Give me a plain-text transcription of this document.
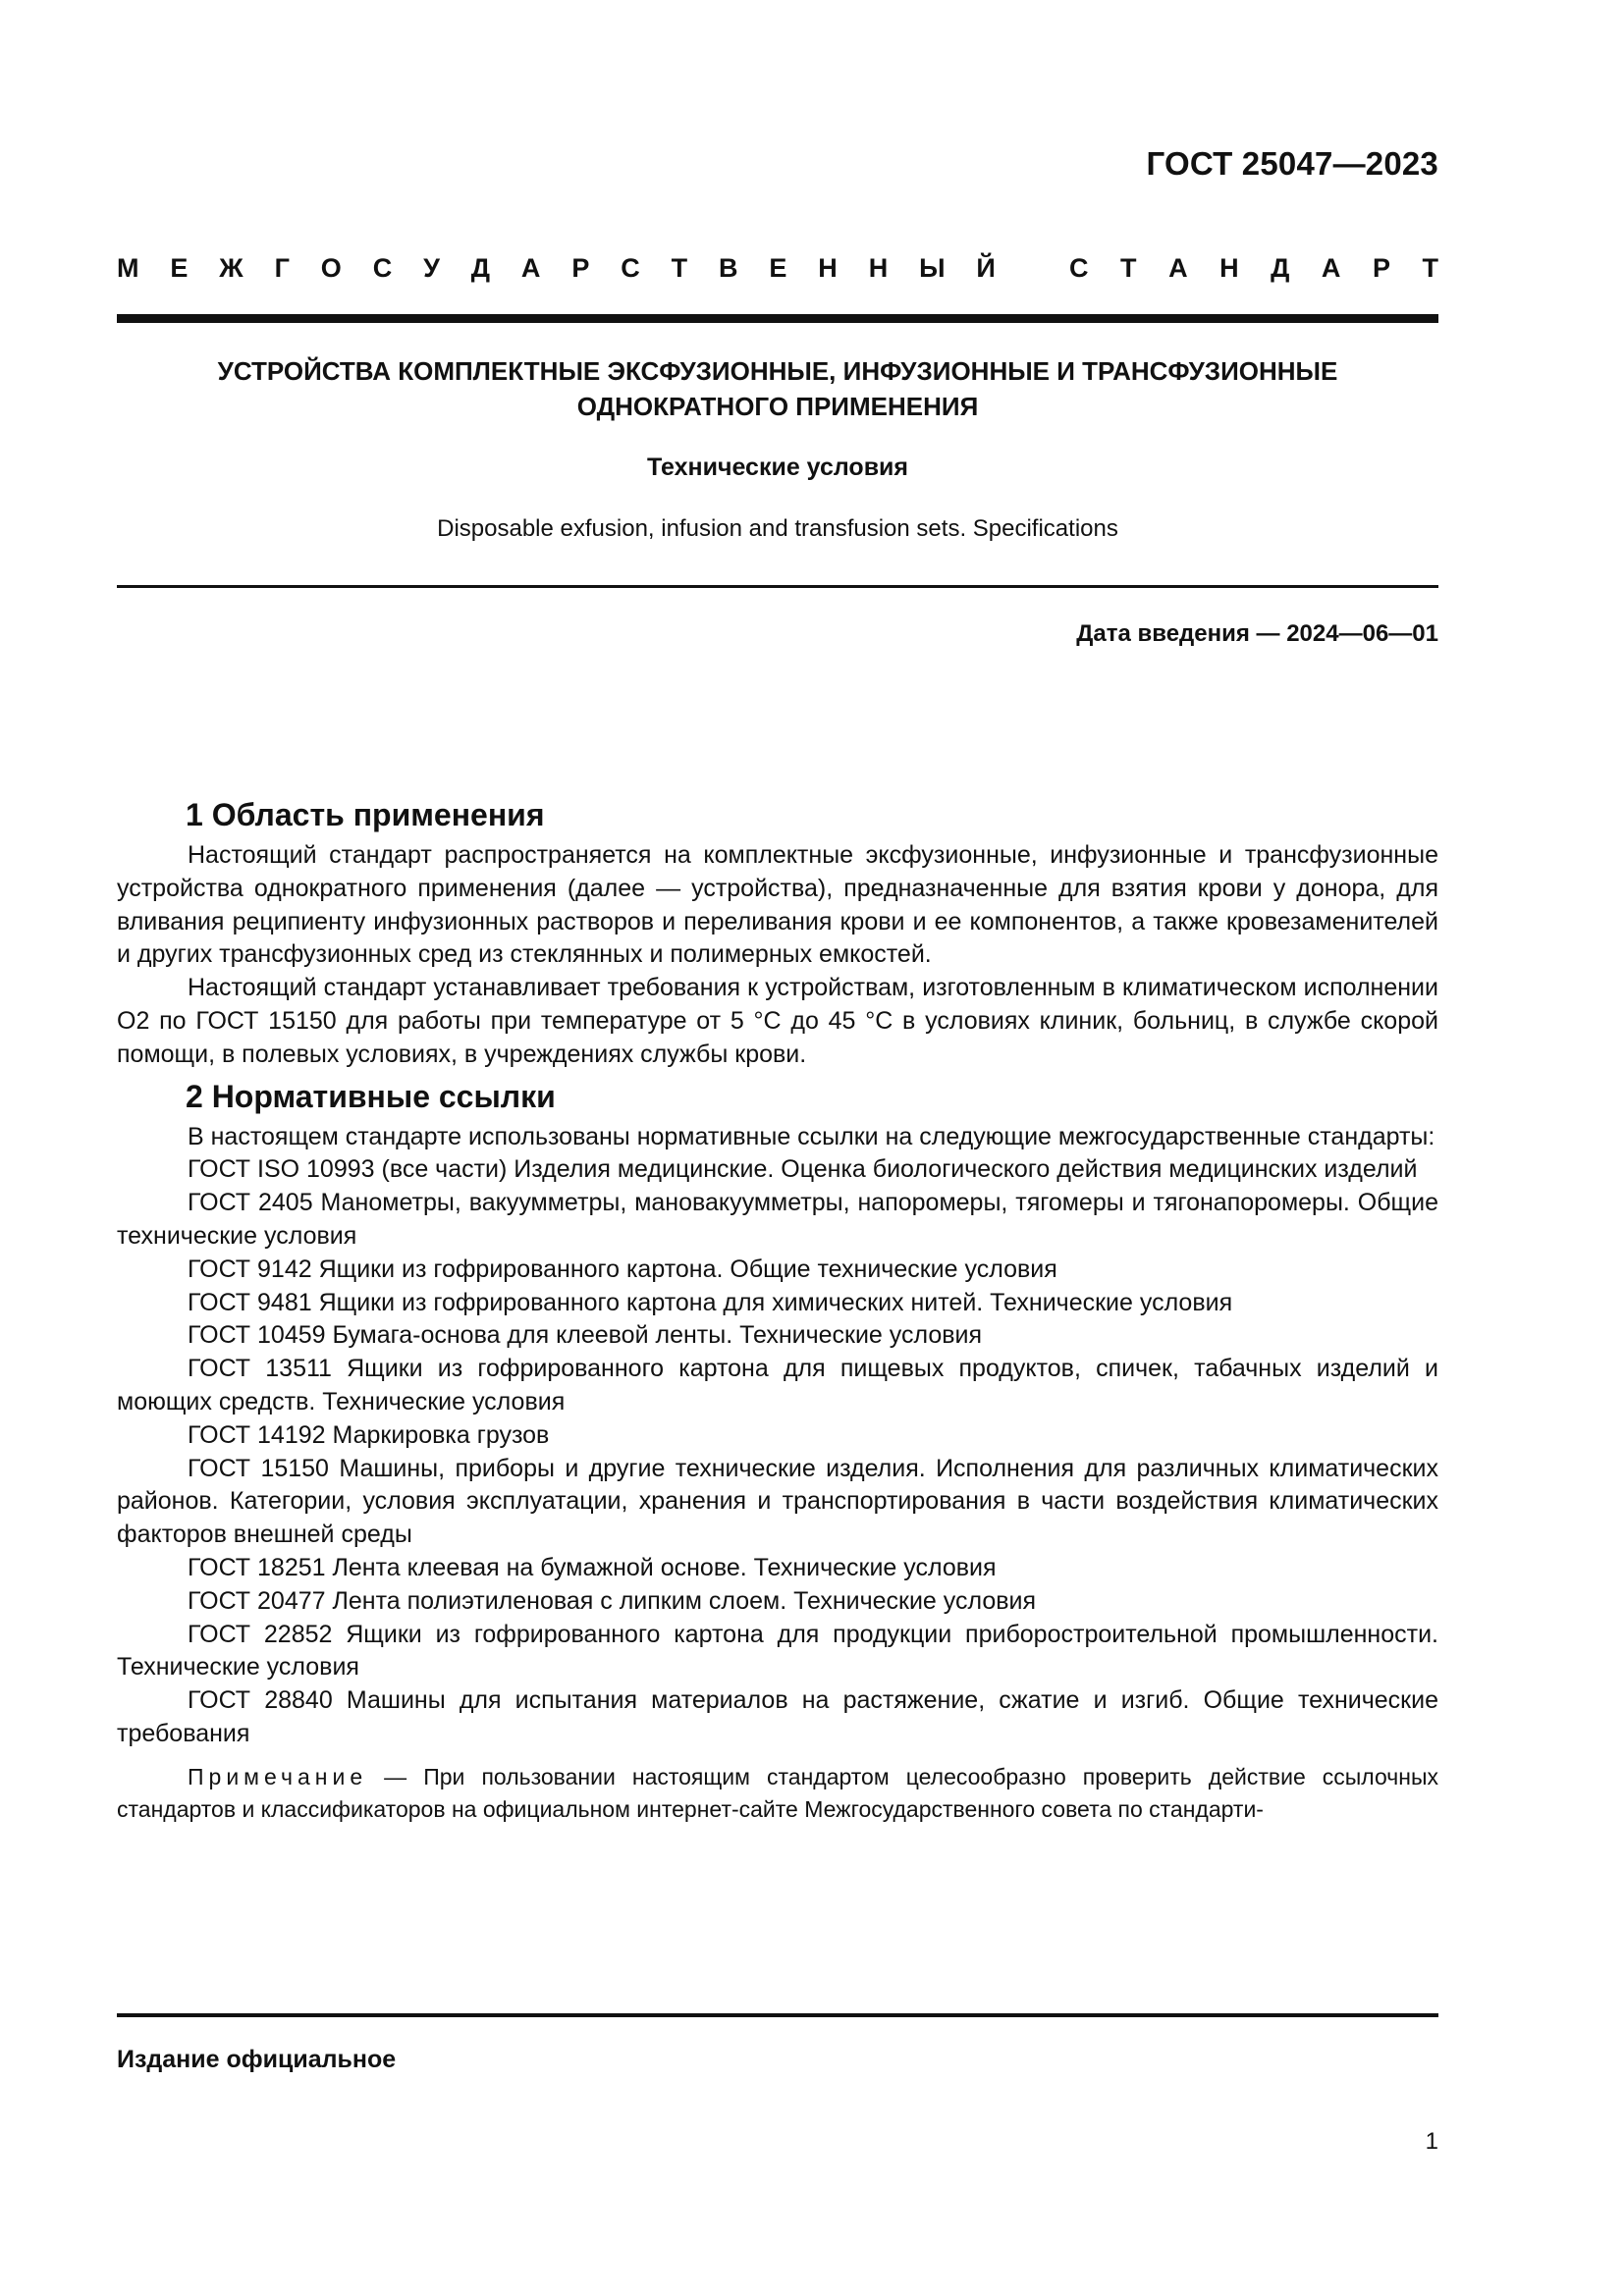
ГОСТ 25047—2023
М Е Ж Г О С У Д А Р С Т В Е Н Н Ы Й	С Т А Н Д А Р Т
УСТРОЙСТВА КОМПЛЕКТНЫЕ ЭКСФУЗИОННЫЕ, ИНФУЗИОННЫЕ И ТРАНСФУЗИОННЫЕ
ОДНОКРАТНОГО ПРИМЕНЕНИЯ
Технические условия
Disposable exfusion, infusion and transfusion sets. Specifications
Дата введения — 2024—06—01
1 Область применения

Настоящий стандарт распространяется на комплектные эксфузионные, инфузионные и трансфузионные устройства однократного применения (далее — устройства), предназначенные для взятия крови у донора, для вливания реципиенту инфузионных растворов и переливания крови и ее компонентов, а также кровезаменителей и других трансфузионных сред из стеклянных и полимерных емкостей.

Настоящий стандарт устанавливает требования к устройствам, изготовленным в климатическом исполнении О2 по ГОСТ 15150 для работы при температуре от 5 °С до 45 °С в условиях клиник, больниц, в службе скорой помощи, в полевых условиях, в учреждениях службы крови.

2 Нормативные ссылки

В настоящем стандарте использованы нормативные ссылки на следующие межгосударственные стандарты:

ГОСТ ISO 10993 (все части) Изделия медицинские. Оценка биологического действия медицинских изделий

ГОСТ 2405 Манометры, вакуумметры, мановакуумметры, напоромеры, тягомеры и тягонапоромеры. Общие технические условия

ГОСТ 9142 Ящики из гофрированного картона. Общие технические условия

ГОСТ 9481 Ящики из гофрированного картона для химических нитей. Технические условия

ГОСТ 10459 Бумага-основа для клеевой ленты. Технические условия

ГОСТ 13511 Ящики из гофрированного картона для пищевых продуктов, спичек, табачных изделий и моющих средств. Технические условия

ГОСТ 14192 Маркировка грузов

ГОСТ 15150 Машины, приборы и другие технические изделия. Исполнения для различных климатических районов. Категории, условия эксплуатации, хранения и транспортирования в части воздействия климатических факторов внешней среды

ГОСТ 18251 Лента клеевая на бумажной основе. Технические условия

ГОСТ 20477 Лента полиэтиленовая с липким слоем. Технические условия

ГОСТ 22852 Ящики из гофрированного картона для продукции приборостроительной промышленности. Технические условия

ГОСТ 28840 Машины для испытания материалов на растяжение, сжатие и изгиб. Общие технические требования

Примечание — При пользовании настоящим стандартом целесообразно проверить действие ссылочных стандартов и классификаторов на официальном интернет-сайте Межгосударственного совета по стандарти-

Издание официальное
1
